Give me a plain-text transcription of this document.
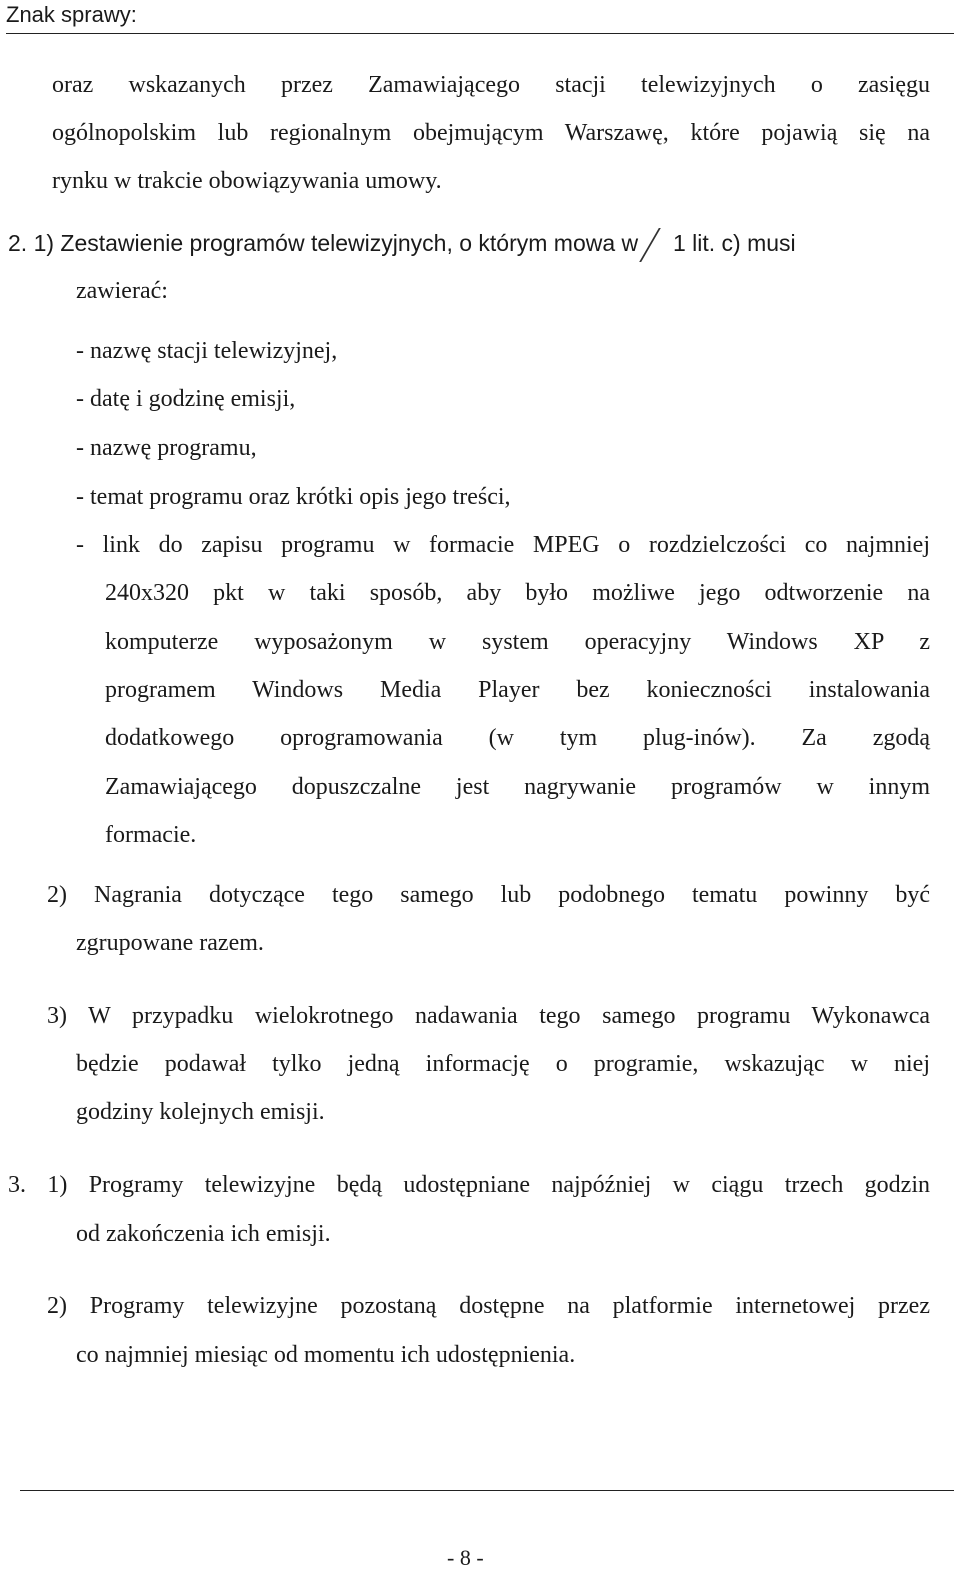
Znak sprawy:
oraz wskazanych przez Zamawiającego stacji telewizyjnych o zasięgu
ogólnopolskim lub regionalnym obejmującym Warszawę, które pojawią się na
rynku w trakcie obowiązywania umowy.
2. 1) Zestawienie programów telewizyjnych, o którym mowa w 1 lit. c) musi
zawierać:
- nazwę stacji telewizyjnej,
- datę i godzinę emisji,
- nazwę programu,
- temat programu oraz krótki opis jego treści,
- link do zapisu programu w formacie MPEG o rozdzielczości co najmniej
240x320 pkt w taki sposób, aby było możliwe jego odtworzenie na
komputerze wyposażonym w system operacyjny Windows XP z
programem Windows Media Player bez konieczności instalowania
dodatkowego oprogramowania (w tym plug-inów). Za zgodą
Zamawiającego dopuszczalne jest nagrywanie programów w innym
formacie.
2) Nagrania dotyczące tego samego lub podobnego tematu powinny być
zgrupowane razem.
3) W przypadku wielokrotnego nadawania tego samego programu Wykonawca
będzie podawał tylko jedną informację o programie, wskazując w niej
godziny kolejnych emisji.
3. 1) Programy telewizyjne będą udostępniane najpóźniej w ciągu trzech godzin
od zakończenia ich emisji.
2) Programy telewizyjne pozostaną dostępne na platformie internetowej przez
co najmniej miesiąc od momentu ich udostępnienia.
- 8 -
